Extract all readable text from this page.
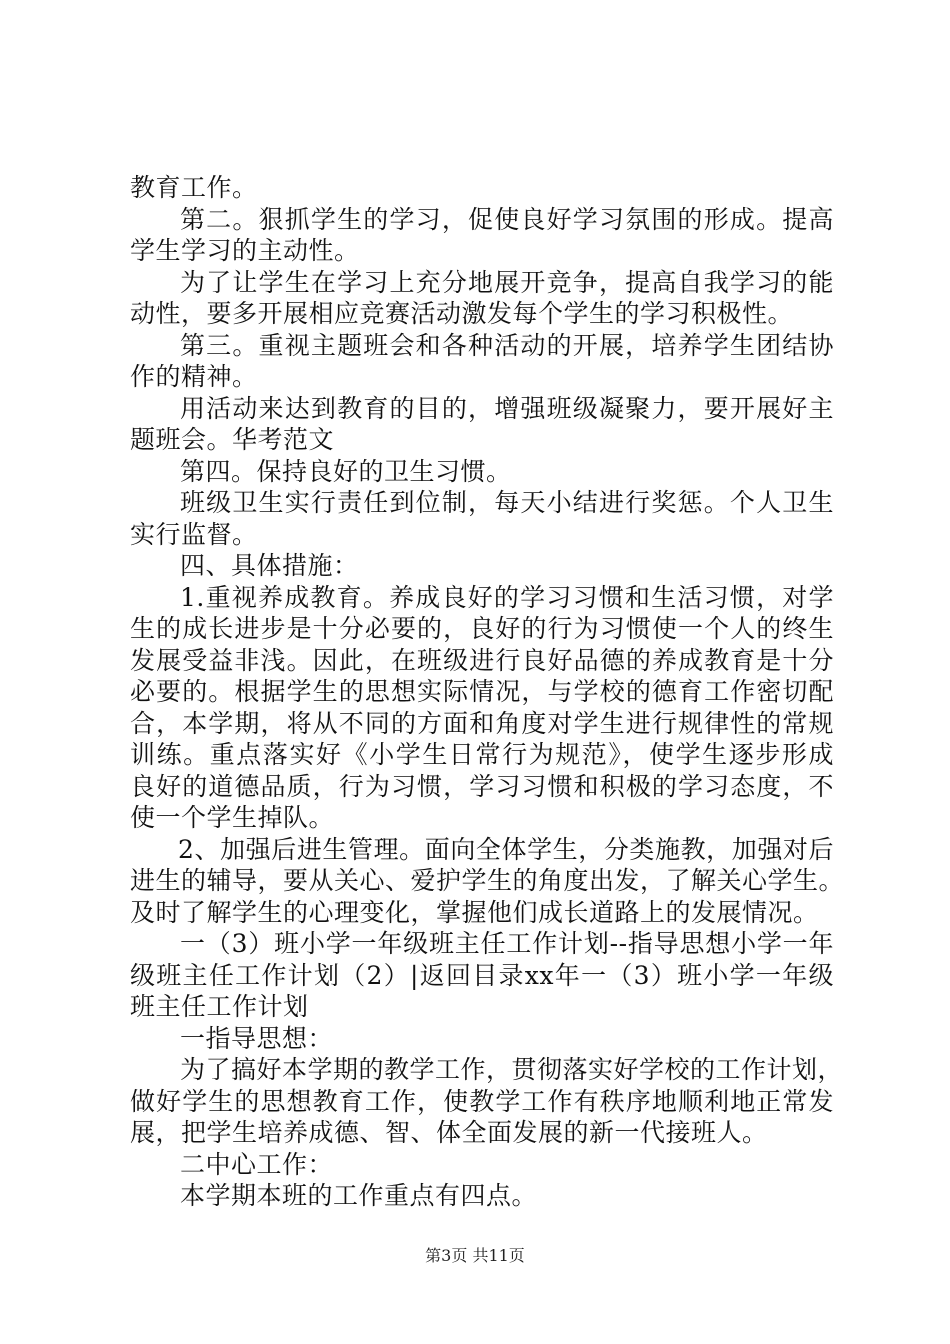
教育工作。
第二。狠抓学生的学习，促使良好学习氛围的形成。提高
学生学习的主动性。
为了让学生在学习上充分地展开竞争，提高自我学习的能
动性，要多开展相应竞赛活动激发每个学生的学习积极性。
第三。重视主题班会和各种活动的开展，培养学生团结协
作的精神。
用活动来达到教育的目的，增强班级凝聚力，要开展好主
题班会。华考范文
第四。保持良好的卫生习惯。
班级卫生实行责任到位制，每天小结进行奖惩。个人卫生
实行监督。
四、具体措施：
1.重视养成教育。养成良好的学习习惯和生活习惯，对学
生的成长进步是十分必要的，良好的行为习惯使一个人的终生
发展受益非浅。因此，在班级进行良好品德的养成教育是十分
必要的。根据学生的思想实际情况，与学校的德育工作密切配
合，本学期，将从不同的方面和角度对学生进行规律性的常规
训练。重点落实好《小学生日常行为规范》，使学生逐步形成
良好的道德品质，行为习惯，学习习惯和积极的学习态度，不
使一个学生掉队。
2、加强后进生管理。面向全体学生，分类施教，加强对后
进生的辅导，要从关心、爱护学生的角度出发，了解关心学生。
及时了解学生的心理变化，掌握他们成长道路上的发展情况。
一（3）班小学一年级班主任工作计划--指导思想小学一年
级班主任工作计划（2）|返回目录xx年一（3）班小学一年级
班主任工作计划
一指导思想：
为了搞好本学期的教学工作，贯彻落实好学校的工作计划，
做好学生的思想教育工作，使教学工作有秩序地顺利地正常发
展，把学生培养成德、智、体全面发展的新一代接班人。
二中心工作：
本学期本班的工作重点有四点。
第3页 共11页
